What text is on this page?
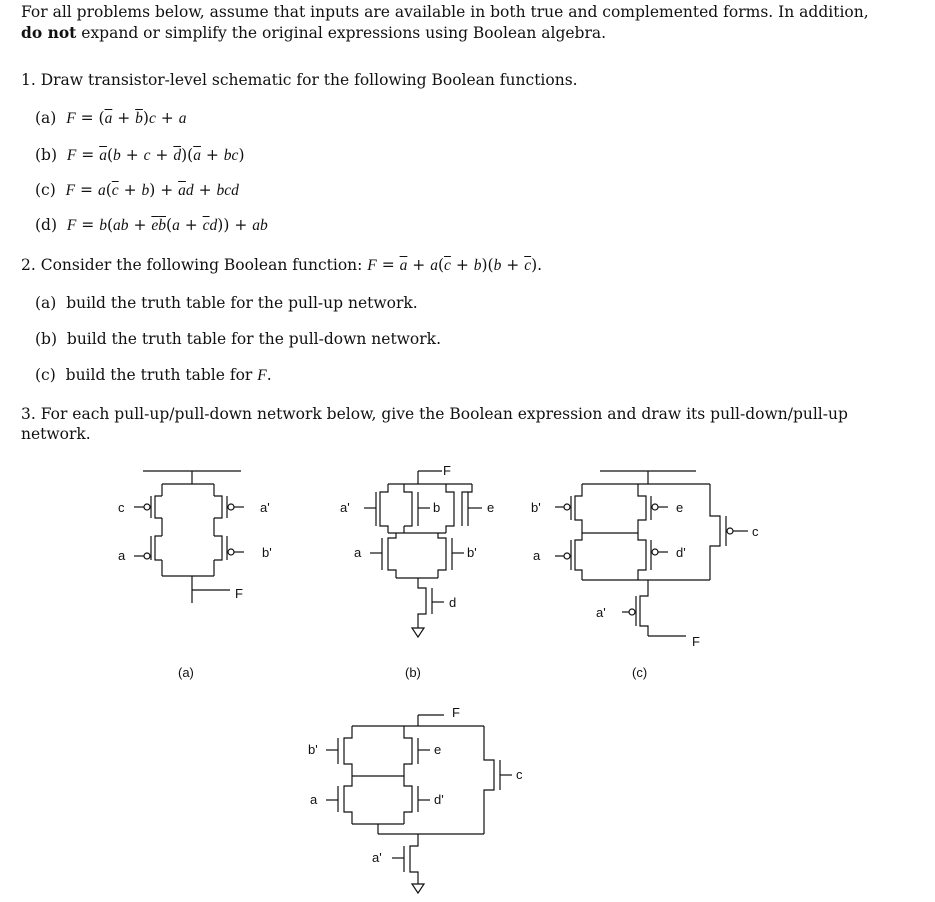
For all problems below, assume that inputs are available in both true and complemented forms. In addition,
do not expand or simplify the original expressions using Boolean algebra.
1. Draw transistor-level schematic for the following Boolean functions.
(a) $F = (\overline{a} + \overline{b})c + a$
(b) $F = \overline{a}(b + c + \overline{d})(\overline{a} + bc)$
(c) $F = a(\overline{c} + b) + \overline{a}d$ + bcd
(d) $F = b(ab + \overline{e}\overline{b}(a + \overline{c}d))$ + ab
2. Consider the following Boolean function: $F = \overline{a} + a(\overline{c} + b)(b + \overline{c})$.
(a) build the truth table for the pull-up network.
(b) build the truth table for the pull-down network.
(c) build the truth table for F.
3. For each pull-up/pull-down network below, give the Boolean expression and draw its pull-down/pull-up network.
c
a
a'
b'
F
(a)
F
a'	b	e
a	b'
d
(b)
b'	e
c
a	d'
a'
F
(c)
F
b'	e
c
a	d'
a'
